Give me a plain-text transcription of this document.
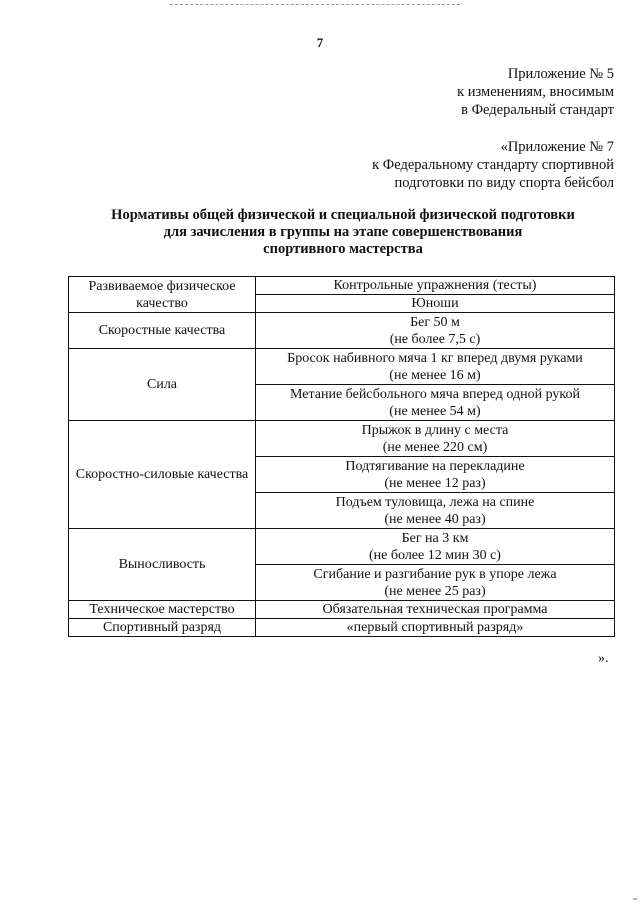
7
Приложение № 5
к изменениям, вносимым
в Федеральный стандарт
«Приложение № 7
к Федеральному стандарту спортивной
подготовки по виду спорта бейсбол
Нормативы общей физической и специальной физической подготовки
для зачисления в группы на этапе совершенствования
спортивного мастерства
Развиваемое физическое
качество	Контрольные упражнения (тесты)
	Юноши
Скоростные качества	Бег 50 м
(не более 7,5 с)

Сила	Бросок набивного мяча 1 кг вперед двумя руками
(не менее 16 м)

	Метание бейсбольного мяча вперед одной рукой
(не менее 54 м)

Скоростно-силовые качества	Прыжок в длину с места
(не менее 220 см)

	Подтягивание на перекладине
(не менее 12 раз)

	Подъем туловища, лежа на спине
(не менее 40 раз)

Выносливость	Бег на 3 км
(не более 12 мин 30 с)

	Сгибание и разгибание рук в упоре лежа
(не менее 25 раз)

Техническое мастерство	Обязательная техническая программа
Спортивный разряд	«первый спортивный разряд»
».
